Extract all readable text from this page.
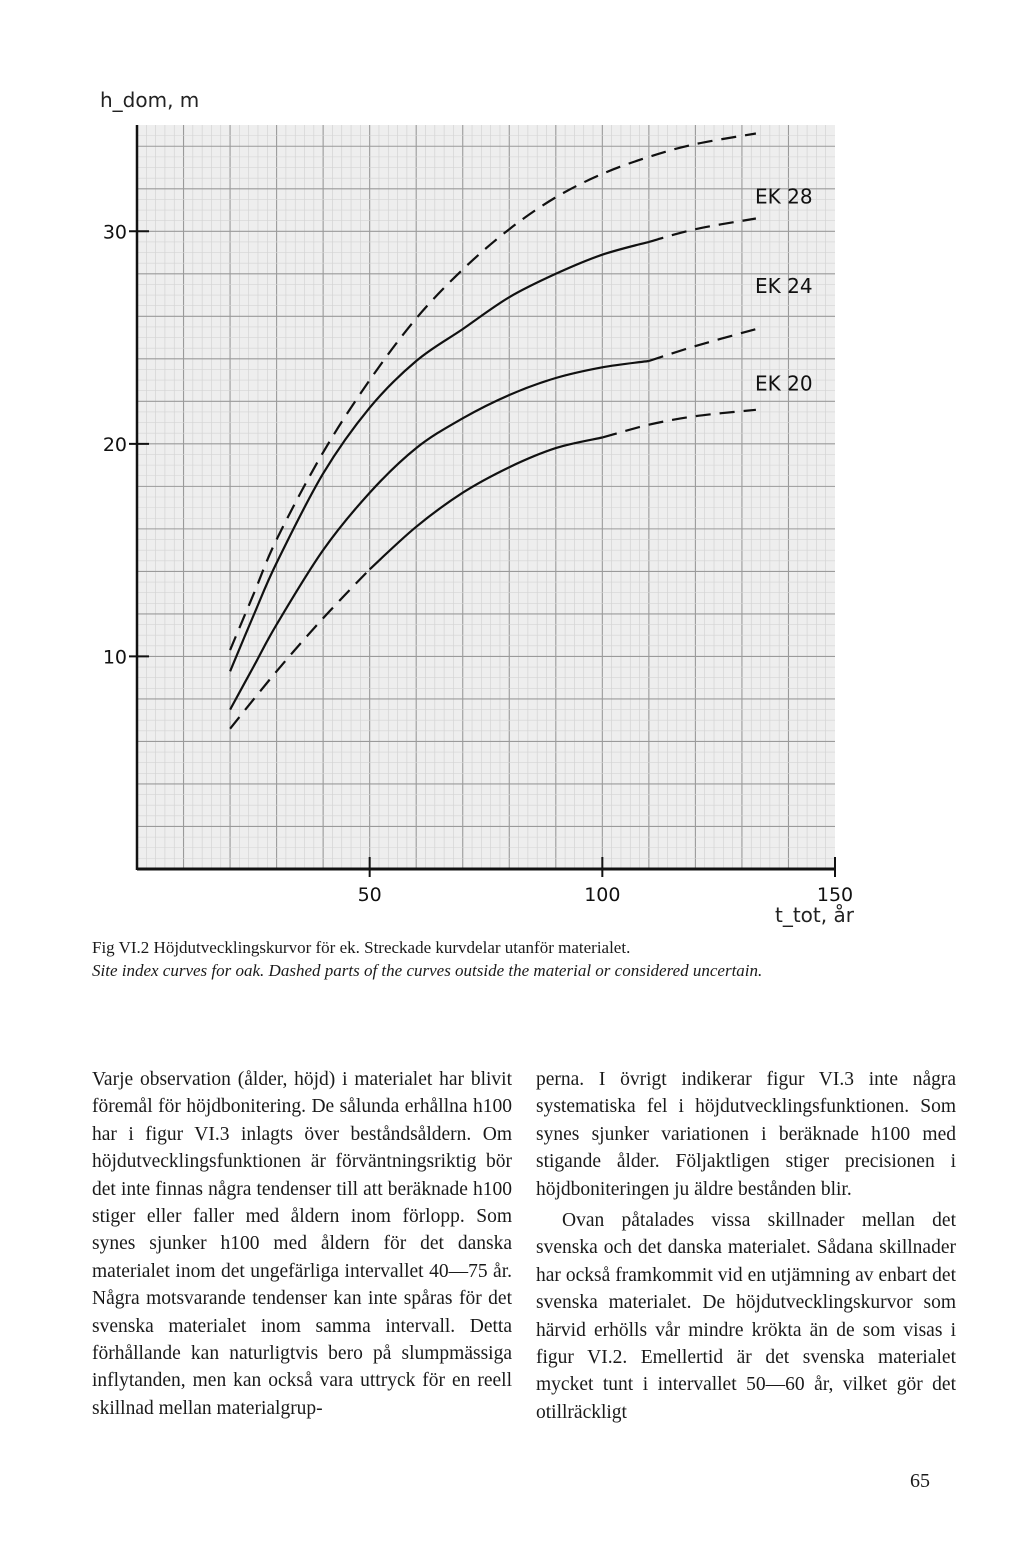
10
20
30
50	100	150
EK 28
EK 24
EK 20
h_dom, m
t_tot, år
Fig VI.2 Höjdutvecklingskurvor för ek. Streckade kurvdelar utanför materialet.
Site index curves for oak. Dashed parts of the curves outside the material or considered uncertain.

Varje observation (ålder, höjd) i materialet har blivit föremål för höjdbonitering. De sålunda erhållna h100 har i figur VI.3 inlagts över beståndsåldern. Om höjdutvecklingsfunktionen är förväntningsriktig bör det inte finnas några tendenser till att beräknade h100 stiger eller faller med åldern inom förlopp. Som synes sjunker h100 med åldern för det danska materialet inom det ungefärliga intervallet 40—75 år. Några motsvarande tendenser kan inte spåras för det svenska materialet inom samma intervall. Detta förhållande kan naturligtvis bero på slumpmässiga inflytanden, men kan också vara uttryck för en reell skillnad mellan materialgrup-

perna. I övrigt indikerar figur VI.3 inte några systematiska fel i höjdutvecklingsfunktionen. Som synes sjunker variationen i beräknade h100 med stigande ålder. Följaktligen stiger precisionen i höjdboniteringen ju äldre bestånden blir.

Ovan påtalades vissa skillnader mellan det svenska och det danska materialet. Sådana skillnader har också framkommit vid en utjämning av enbart det svenska materialet. De höjdutvecklingskurvor som härvid erhölls vår mindre krökta än de som visas i figur VI.2. Emellertid är det svenska materialet mycket tunt i intervallet 50—60 år, vilket gör det otillräckligt

65
